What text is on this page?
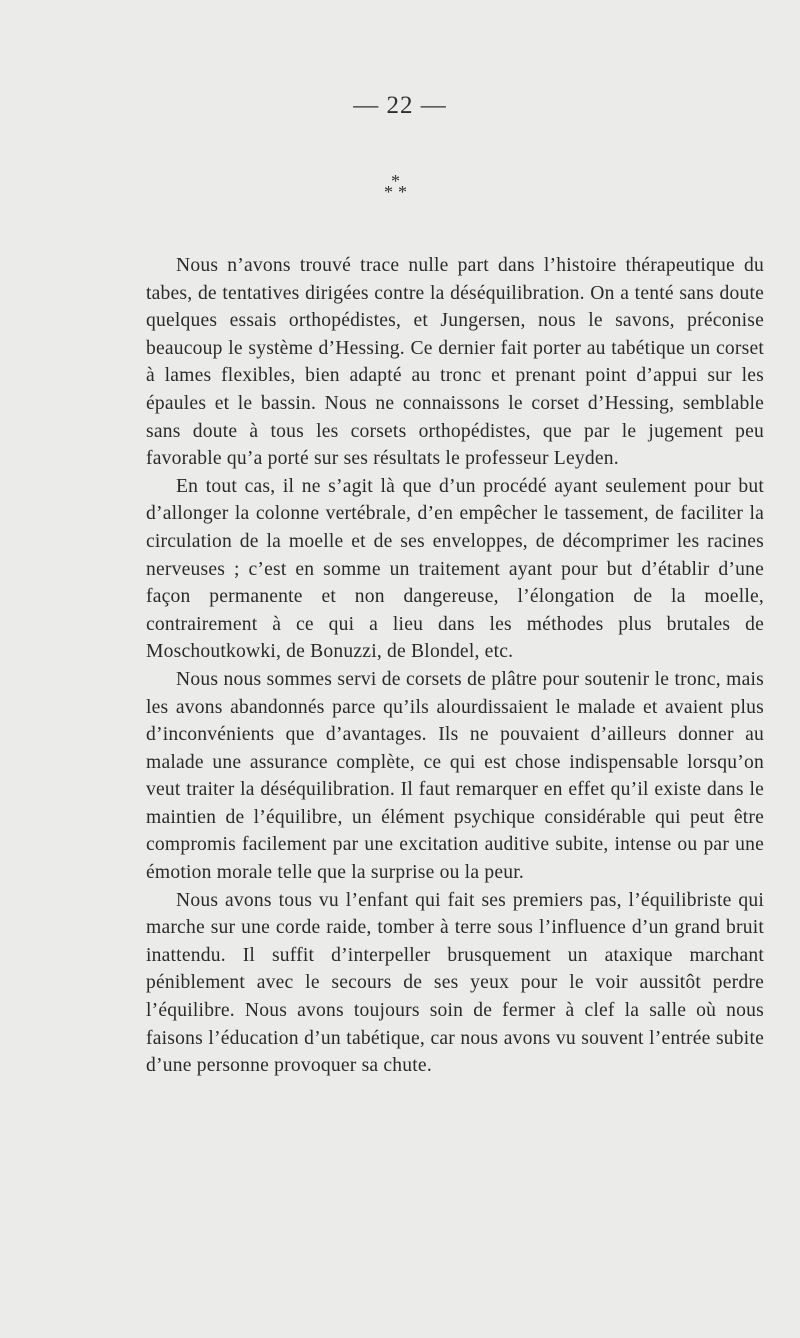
— 22 —
*
* *

Nous n’avons trouvé trace nulle part dans l’histoire thérapeutique du tabes, de tentatives dirigées contre la déséquilibration. On a tenté sans doute quelques essais orthopédistes, et Jungersen, nous le savons, préconise beaucoup le système d’Hessing. Ce dernier fait porter au tabétique un corset à lames flexibles, bien adapté au tronc et prenant point d’appui sur les épaules et le bassin. Nous ne connaissons le corset d’Hessing, semblable sans doute à tous les corsets orthopédistes, que par le jugement peu favorable qu’a porté sur ses résultats le professeur Leyden.

En tout cas, il ne s’agit là que d’un procédé ayant seulement pour but d’allonger la colonne vertébrale, d’en empêcher le tassement, de faciliter la circulation de la moelle et de ses enveloppes, de décomprimer les racines nerveuses ; c’est en somme un traitement ayant pour but d’établir d’une façon permanente et non dangereuse, l’élongation de la moelle, contrairement à ce qui a lieu dans les méthodes plus brutales de Moschoutkowki, de Bonuzzi, de Blondel, etc.

Nous nous sommes servi de corsets de plâtre pour soutenir le tronc, mais les avons abandonnés parce qu’ils alourdissaient le malade et avaient plus d’inconvénients que d’avantages. Ils ne pouvaient d’ailleurs donner au malade une assurance complète, ce qui est chose indispensable lorsqu’on veut traiter la déséquilibration. Il faut remarquer en effet qu’il existe dans le maintien de l’équilibre, un élément psychique considérable qui peut être compromis facilement par une excitation auditive subite, intense ou par une émotion morale telle que la surprise ou la peur.

Nous avons tous vu l’enfant qui fait ses premiers pas, l’équilibriste qui marche sur une corde raide, tomber à terre sous l’influence d’un grand bruit inattendu. Il suffit d’interpeller brusquement un ataxique marchant péniblement avec le secours de ses yeux pour le voir aussitôt perdre l’équilibre. Nous avons toujours soin de fermer à clef la salle où nous faisons l’éducation d’un tabétique, car nous avons vu souvent l’entrée subite d’une personne provoquer sa chute.
